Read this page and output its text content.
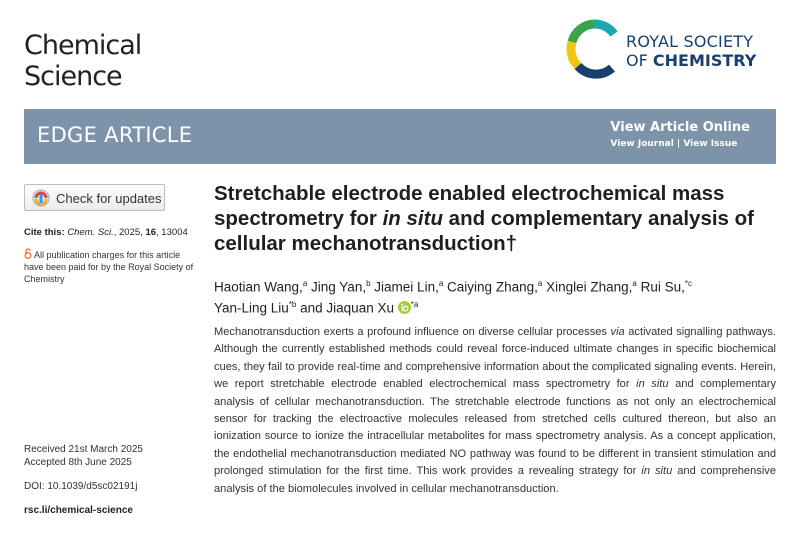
Chemical
Science
ROYAL SOCIETY
OF CHEMISTRY
EDGE ARTICLE	View Article Online
View Journal | View Issue
Check for updates
Cite this: Chem. Sci., 2025, 16, 13004
All publication charges for this article have been paid for by the Royal Society of Chemistry
Received 21st March 2025
Accepted 8th June 2025
DOI: 10.1039/d5sc02191j
rsc.li/chemical-science
Stretchable electrode enabled electrochemical mass spectrometry for in situ and complementary analysis of cellular mechanotransduction†
Haotian Wang,$^a$ Jing Yan,$^b$ Jiamei Lin,$^a$ Caiying Zhang,$^a$ Xinglei Zhang,$^a$ Rui Su,$^{*c}$
Yan-Ling Liu$^{*b}$ and Jiaquan Xu $^{*a}$
Mechanotransduction exerts a profound influence on diverse cellular processes via activated signalling pathways. Although the currently established methods could reveal force-induced ultimate changes in specific biochemical cues, they fail to provide real-time and comprehensive information about the complicated signaling events. Herein, we report stretchable electrode enabled electrochemical mass spectrometry for in situ and complementary analysis of cellular mechanotransduction. The stretchable electrode functions as not only an electrochemical sensor for tracking the electroactive molecules released from stretched cells cultured thereon, but also an ionization source to ionize the intracellular metabolites for mass spectrometry analysis. As a concept application, the endothelial mechanotransduction mediated NO pathway was found to be different in transient stimulation and prolonged stimulation for the first time. This work provides a revealing strategy for in situ and comprehensive analysis of the biomolecules involved in cellular mechanotransduction.
